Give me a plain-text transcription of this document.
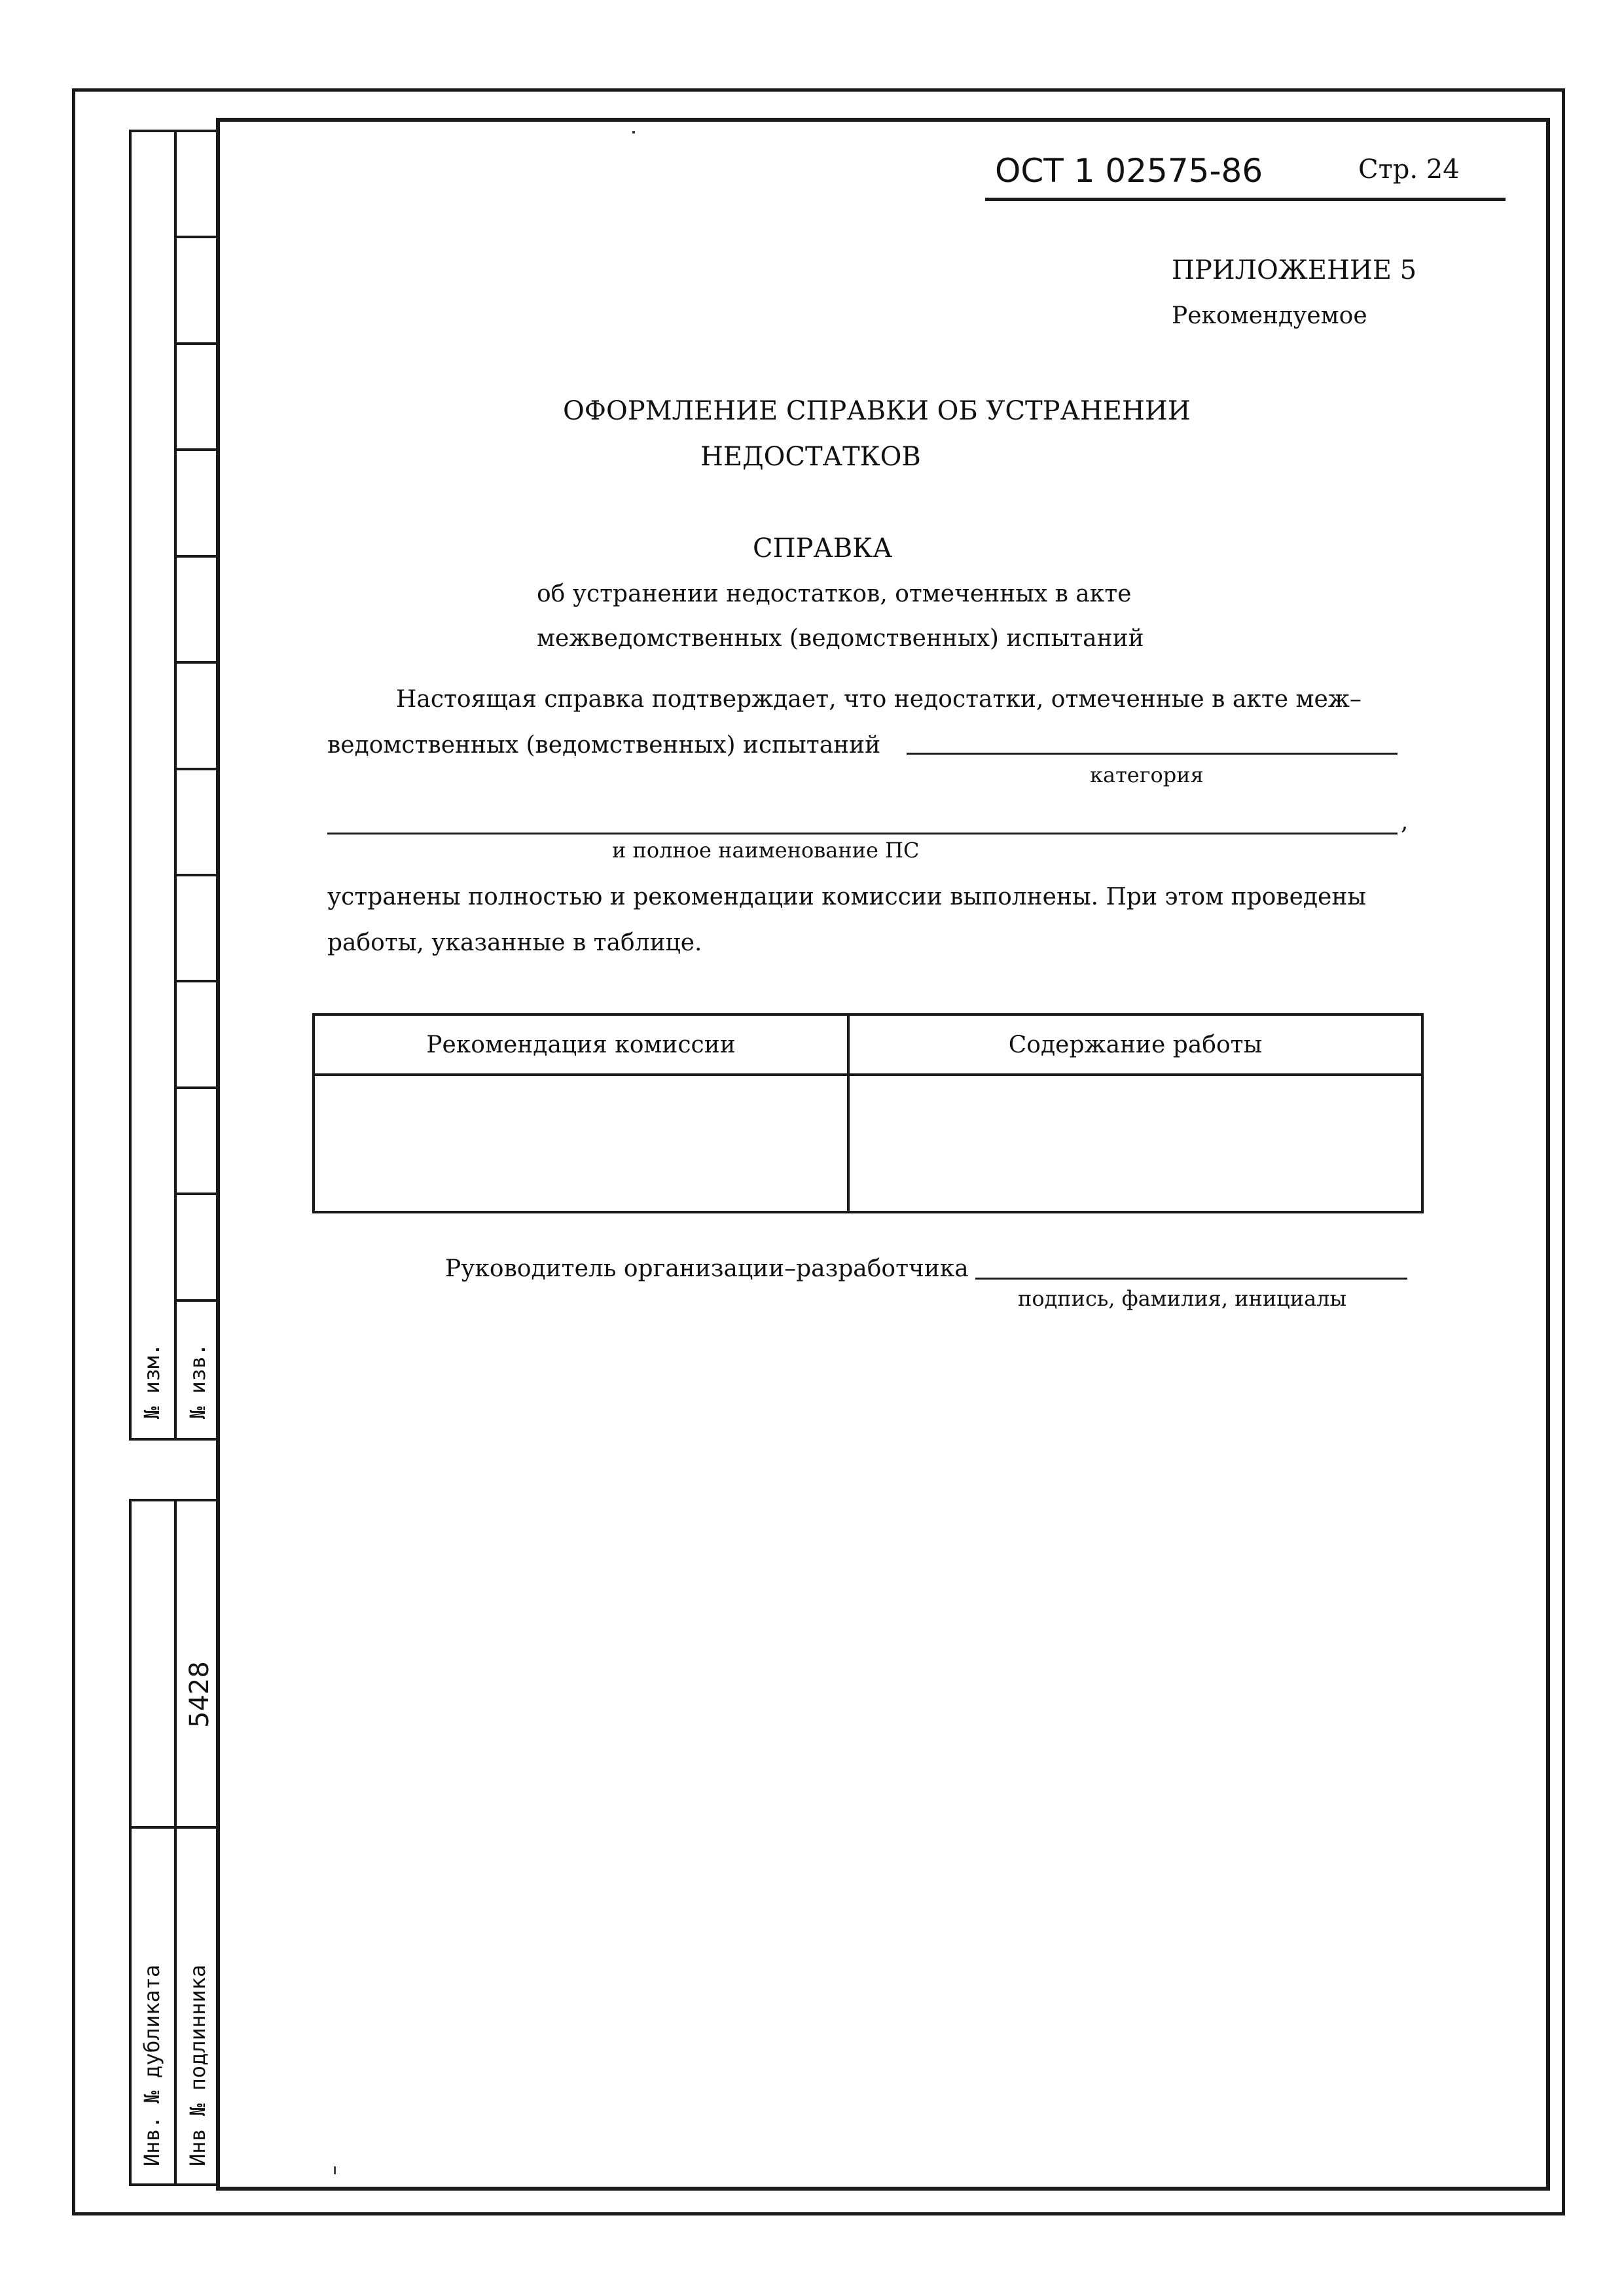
№ изм. № изв.
5428
Инв. № дубликата Инв № подлинника
ОСТ 1 02575-86	Стр. 24
ПРИЛОЖЕНИЕ 5
Рекомендуемое
ОФОРМЛЕНИЕ СПРАВКИ ОБ УСТРАНЕНИИ
НЕДОСТАТКОВ
СПРАВКА
об устранении недостатков, отмеченных в акте
межведомственных (ведомственных) испытаний
Настоящая справка подтверждает, что недостатки, отмеченные в акте меж–
ведомственных (ведомственных) испытаний
категория
,
и полное наименование ПС
устранены полностью и рекомендации комиссии выполнены. При этом проведены
работы, указанные в таблице.
Рекомендация комиссии	Содержание работы

Руководитель организации–разработчика
подпись, фамилия, инициалы
